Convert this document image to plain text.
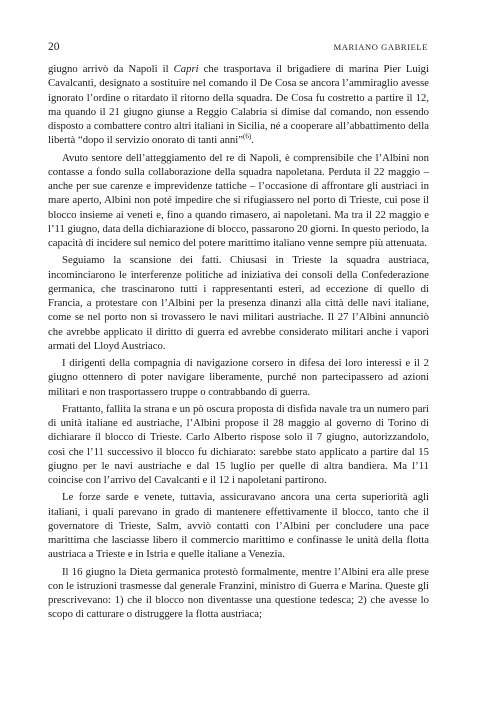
20	MARIANO GABRIELE

giugno arrivò da Napoli il Capri che trasportava il brigadiere di marina Pier Luigi Cavalcanti, designato a sostituire nel comando il De Cosa se ancora l’ammiraglio avesse ignorato l’ordine o ritardato il ritorno della squadra. De Cosa fu costretto a partire il 12, ma quando il 21 giugno giunse a Reggio Calabria si dimise dal comando, non essendo disposto a combattere contro altri italiani in Sicilia, né a cooperare all’abbattimento della libertà “dopo il servizio onorato di tanti anni”$^{(6)}$.

Avuto sentore dell’atteggiamento del re di Napoli, è comprensibile che l’Albini non contasse a fondo sulla collaborazione della squadra napoletana. Perduta il 22 maggio – anche per sue carenze e imprevidenze tattiche – l’occasione di affrontare gli austriaci in mare aperto, Albini non poté impedire che si rifugiassero nel porto di Trieste, cui pose il blocco insieme ai veneti e, fino a quando rimasero, ai napoletani. Ma tra il 22 maggio e l’11 giugno, data della dichiarazione di blocco, passarono 20 giorni. In questo periodo, la capacità di incidere sul nemico del potere marittimo italiano venne sempre più attenuata.

Seguiamo la scansione dei fatti. Chiusasi in Trieste la squadra austriaca, incominciarono le interferenze politiche ad iniziativa dei consoli della Confederazione germanica, che trascinarono tutti i rappresentanti esteri, ad eccezione di quello di Francia, a protestare con l’Albini per la presenza dinanzi alla città delle navi italiane, come se nel porto non si trovassero le navi militari austriache. Il 27 l’Albini annunciò che avrebbe applicato il diritto di guerra ed avrebbe considerato militari anche i vapori armati del Lloyd Austriaco.

I dirigenti della compagnia di navigazione corsero in difesa dei loro interessi e il 2 giugno ottennero di poter navigare liberamente, purché non partecipassero ad azioni militari e non trasportassero truppe o contrabbando di guerra.

Frattanto, fallita la strana e un pò oscura proposta di disfida navale tra un numero pari di unità italiane ed austriache, l’Albini propose il 28 maggio al governo di Torino di dichiarare il blocco di Trieste. Carlo Alberto rispose solo il 7 giugno, autorizzandolo, così che l’11 successivo il blocco fu dichiarato: sarebbe stato applicato a partire dal 15 giugno per le navi austriache e dal 15 luglio per quelle di altra bandiera. Ma l’11 coincise con l’arrivo del Cavalcanti e il 12 i napoletani partirono.

Le forze sarde e venete, tuttavia, assicuravano ancora una certa superiorità agli italiani, i quali parevano in grado di mantenere effettivamente il blocco, tanto che il governatore di Trieste, Salm, avviò contatti con l’Albini per concludere una pace marittima che lasciasse libero il commercio marittimo e confinasse le unità della flotta austriaca a Trieste e in Istria e quelle italiane a Venezia.

Il 16 giugno la Dieta germanica protestò formalmente, mentre l’Albini era alle prese con le istruzioni trasmesse dal generale Franzini, ministro di Guerra e Marina. Queste gli prescrivevano: 1) che il blocco non diventasse una questione tedesca; 2) che avesse lo scopo di catturare o distruggere la flotta austriaca;
